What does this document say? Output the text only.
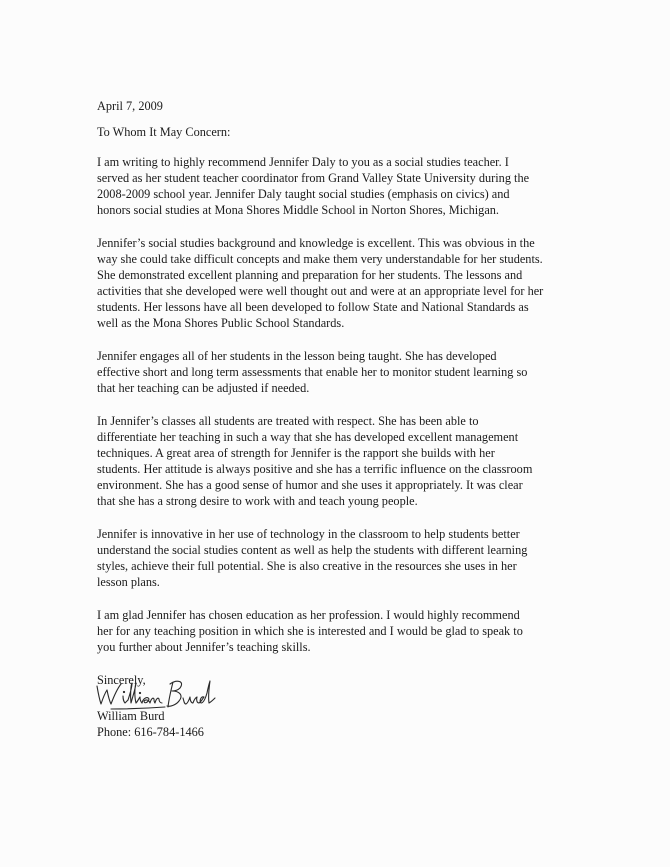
April 7, 2009
To Whom It May Concern:
I am writing to highly recommend Jennifer Daly to you as a social studies teacher. I
served as her student teacher coordinator from Grand Valley State University during the
2008-2009 school year. Jennifer Daly taught social studies (emphasis on civics) and
honors social studies at Mona Shores Middle School in Norton Shores, Michigan.
Jennifer’s social studies background and knowledge is excellent. This was obvious in the
way she could take difficult concepts and make them very understandable for her students.
She demonstrated excellent planning and preparation for her students. The lessons and
activities that she developed were well thought out and were at an appropriate level for her
students. Her lessons have all been developed to follow State and National Standards as
well as the Mona Shores Public School Standards.
Jennifer engages all of her students in the lesson being taught. She has developed
effective short and long term assessments that enable her to monitor student learning so
that her teaching can be adjusted if needed.
In Jennifer’s classes all students are treated with respect. She has been able to
differentiate her teaching in such a way that she has developed excellent management
techniques. A great area of strength for Jennifer is the rapport she builds with her
students. Her attitude is always positive and she has a terrific influence on the classroom
environment. She has a good sense of humor and she uses it appropriately. It was clear
that she has a strong desire to work with and teach young people.
Jennifer is innovative in her use of technology in the classroom to help students better
understand the social studies content as well as help the students with different learning
styles, achieve their full potential. She is also creative in the resources she uses in her
lesson plans.
I am glad Jennifer has chosen education as her profession. I would highly recommend
her for any teaching position in which she is interested and I would be glad to speak to
you further about Jennifer’s teaching skills.
Sincerely,
William Burd
Phone: 616-784-1466
